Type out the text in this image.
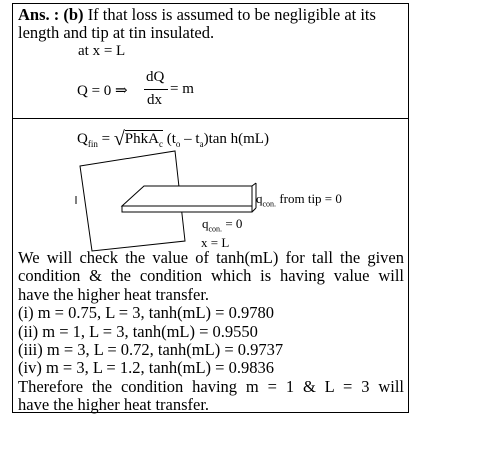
Ans. : (b) If that loss is assumed to be negligible at its
length and tip at tin insulated.
at x = L
Q = 0 ⇒
dQ
dx
= m
$Q_{fin}$ = √PhkA$_c$ $(t_o - t_a)\tan$ h(mL)
$q_{con.}$ from tip = 0
$q_{con.} = 0$
x = L
We will check the value of tanh(mL) for tall the given
condition & the condition which is having value will
have the higher heat transfer.
(i) m = 0.75, L = 3, tanh(mL) = 0.9780
(ii) m = 1, L = 3, tanh(mL) = 0.9550
(iii) m = 3, L = 0.72, tanh(mL) = 0.9737
(iv) m = 3, L = 1.2, tanh(mL) = 0.9836
Therefore the condition having m = 1 & L = 3 will
have the higher heat transfer.
